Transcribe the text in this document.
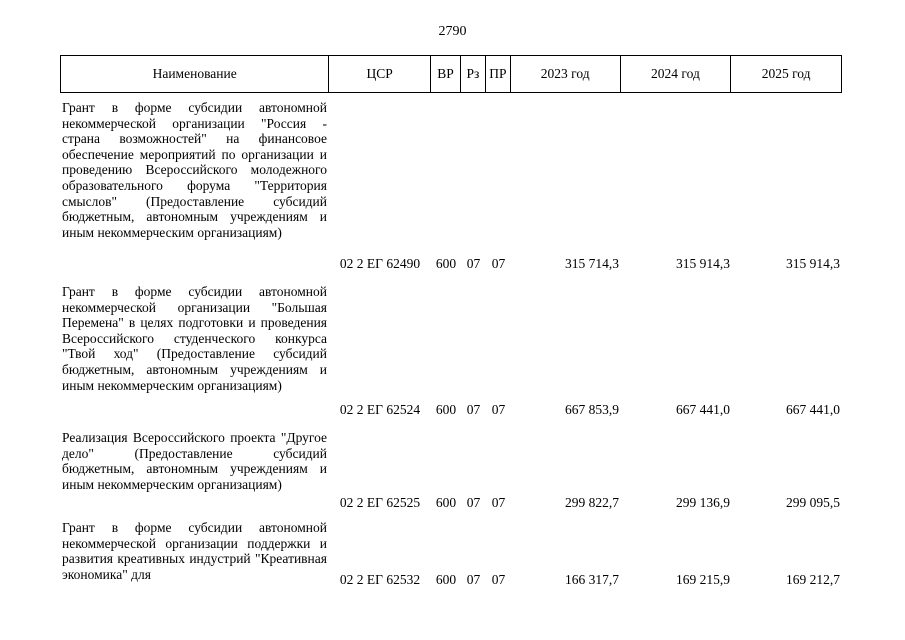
2790
Наименование	ЦСР	ВР Рз ПР	2023 год	2024 год	2025 год
Грант в форме субсидии автономной некоммерческой организации "Россия - страна возможностей" на финансовое обеспечение мероприятий по организации и проведению Всероссийского молодежного образовательного форума "Территория смыслов" (Предоставление субсидий бюджетным, автономным учреждениям и иным некоммерческим организациям)
02 2 ЕГ 62490	600 07 07	315 714,3	315 914,3	315 914,3
Грант в форме субсидии автономной некоммерческой организации "Большая Перемена" в целях подготовки и проведения Всероссийского студенческого конкурса "Твой ход" (Предоставление субсидий бюджетным, автономным учреждениям и иным некоммерческим организациям)
02 2 ЕГ 62524	600 07 07	667 853,9	667 441,0	667 441,0
Реализация Всероссийского проекта "Другое дело" (Предоставление субсидий бюджетным, автономным учреждениям и иным некоммерческим организациям)
02 2 ЕГ 62525	600 07 07	299 822,7	299 136,9	299 095,5
Грант в форме субсидии автономной некоммерческой организации поддержки и развития креативных индустрий "Креативная экономика" для	02 2 ЕГ 62532	600 07 07	166 317,7	169 215,9	169 212,7
